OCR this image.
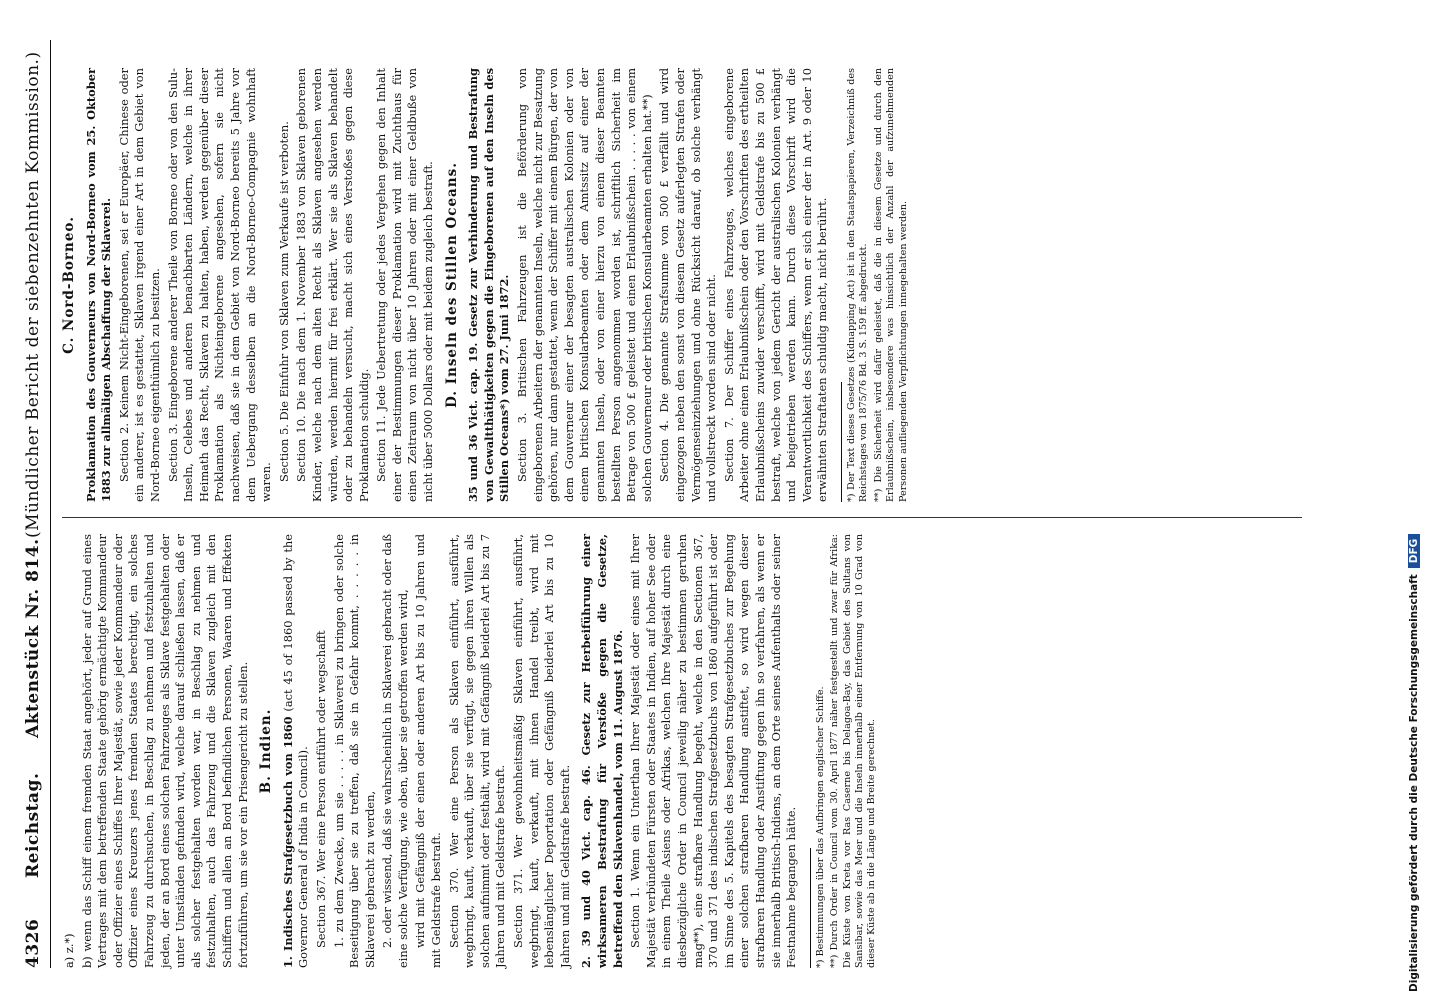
4326
Reichstag.
Aktenstück Nr. 814.
(Mündlicher Bericht der siebenzehnten Kommission.)

a) z.*) b) wenn das Schiff einem fremden Staat angehört, jeder auf Grund eines Vertrages mit dem betreffenden Staate gehörig ermächtigte Kommandeur oder Offizier eines Schiffes Ihrer Majestät, sowie jeder Kommandeur oder Offizier eines Kreuzers jenes fremden Staates berechtigt, ein solches Fahrzeug zu durchsuchen, in Beschlag zu nehmen und festzuhalten und jeden, der an Bord eines solchen Fahrzeuges als Sklave festgehalten oder unter Umständen gefunden wird, welche darauf schließen lassen, daß er als solcher festgehalten worden war, in Beschlag zu nehmen und festzuhalten, auch das Fahrzeug und die Sklaven zugleich mit den Schiffern und allen an Bord befindlichen Personen, Waaren und Effekten fortzuführen, um sie vor ein Prisengericht zu stellen. B. Indien. 1. Indisches Strafgesetzbuch von 1860 (act 45 of 1860 passed by the Governor General of India in Council). Section 367. Wer eine Person entführt oder wegschafft 1. zu dem Zwecke, um sie . . . . . in Sklaverei zu bringen oder solche Beseitigung über sie zu treffen, daß sie in Gefahr kommt, . . . . . in Sklaverei gebracht zu werden, 2. oder wissend, daß sie wahrscheinlich in Sklaverei gebracht oder daß eine solche Verfügung, wie oben, über sie getroffen werden wird, wird mit Gefängniß der einen oder anderen Art bis zu 10 Jahren und mit Geldstrafe bestraft. Section 370. Wer eine Person als Sklaven einführt, ausführt, wegbringt, kauft, verkauft, über sie verfügt, sie gegen ihren Willen als solchen aufnimmt oder festhält, wird mit Gefängniß beiderlei Art bis zu 7 Jahren und mit Geldstrafe bestraft. Section 371. Wer gewohnheitsmäßig Sklaven einführt, ausführt, wegbringt, kauft, verkauft, mit ihnen Handel treibt, wird mit lebenslänglicher Deportation oder Gefängniß beiderlei Art bis zu 10 Jahren und mit Geldstrafe bestraft. 2. 39 und 40 Vict. cap. 46. Gesetz zur Herbeiführung einer wirksameren Bestrafung für Verstöße gegen die Gesetze, betreffend den Sklavenhandel, vom 11. August 1876. Section 1. Wenn ein Unterthan Ihrer Majestät oder eines mit Ihrer Majestät verbündeten Fürsten oder Staates in Indien, auf hoher See oder in einem Theile Asiens oder Afrikas, welchen Ihre Majestät durch eine diesbezügliche Order in Council jeweilig näher zu bestimmen geruhen mag**), eine strafbare Handlung begeht, welche in den Sectionen 367, 370 und 371 des indischen Strafgesetzbuchs von 1860 aufgeführt ist oder im Sinne des 5. Kapitels des besagten Strafgesetzbuches zur Begehung einer solchen strafbaren Handlung anstiftet, so wird wegen dieser strafbaren Handlung oder Anstiftung gegen ihn so verfahren, als wenn er sie innerhalb Britisch-Indiens, an dem Orte seines Aufenthalts oder seiner Festnahme begangen hätte. *) Bestimmungen über das Aufbringen englischer Schiffe. **) Durch Order in Council vom 30. April 1877 näher festgestellt und zwar für Afrika: Die Küste von Kreta vor Ras Caserne bis Delagoa-Bay, das Gebiet des Sultans von Sansibar, sowie das Meer und die Inseln innerhalb einer Entfernung von 10 Grad von dieser Küste ab in die Länge und Breite gerechnet.

C. Nord-Borneo. Proklamation des Gouverneurs von Nord-Borneo vom 25. Oktober 1883 zur allmäligen Abschaffung der Sklaverei. Section 2. Keinem Nicht-Eingeborenen, sei er Europäer, Chinese oder ein anderer, ist es gestattet, Sklaven irgend einer Art in dem Gebiet von Nord-Borneo eigenthümlich zu besitzen. Section 3. Eingeborene anderer Theile von Borneo oder von den Sulu-Inseln, Celebes und anderen benachbarten Ländern, welche in ihrer Heimath das Recht, Sklaven zu halten, haben, werden gegenüber dieser Proklamation als Nichteingeborene angesehen, sofern sie nicht nachweisen, daß sie in dem Gebiet von Nord-Borneo bereits 5 Jahre vor dem Uebergang desselben an die Nord-Borneo-Compagnie wohnhaft waren.

Section 5. Die Einfuhr von Sklaven zum Verkaufe ist verboten. Section 10. Die nach dem 1. November 1883 von Sklaven geborenen Kinder, welche nach dem alten Recht als Sklaven angesehen werden würden, werden hiermit für frei erklärt. Wer sie als Sklaven behandelt oder zu behandeln versucht, macht sich eines Verstoßes gegen diese Proklamation schuldig. Section 11. Jede Uebertretung oder jedes Vergehen gegen den Inhalt einer der Bestimmungen dieser Proklamation wird mit Zuchthaus für einen Zeitraum von nicht über 10 Jahren oder mit einer Geldbuße von nicht über 5000 Dollars oder mit beidem zugleich bestraft. D. Inseln des Stillen Oceans. 35 und 36 Vict. cap. 19. Gesetz zur Verhinderung und Bestrafung von Gewaltthätigkeiten gegen die Eingeborenen auf den Inseln des Stillen Oceans*) vom 27. Juni 1872. Section 3. Britischen Fahrzeugen ist die Beförderung von eingeborenen Arbeitern der genannten Inseln, welche nicht zur Besatzung gehören, nur dann gestattet, wenn der Schiffer mit einem Bürgen, der von dem Gouverneur einer der besagten australischen Kolonien oder von einem britischen Konsularbeamten oder dem Amtssitz auf einer der genannten Inseln, oder von einer hierzu von einem dieser Beamten bestellten Person angenommen worden ist, schriftlich Sicherheit im Betrage von 500 £ geleistet und einen Erlaubnißschein . . . . . von einem solchen Gouverneur oder britischen Konsularbeamten erhalten hat.**) Section 4. Die genannte Strafsumme von 500 £ verfällt und wird eingezogen neben den sonst von diesem Gesetz auferlegten Strafen oder Vermögenseinziehungen und ohne Rücksicht darauf, ob solche verhängt und vollstreckt worden sind oder nicht. Section 7. Der Schiffer eines Fahrzeuges, welches eingeborene Arbeiter ohne einen Erlaubnißschein oder den Vorschriften des ertheilten Erlaubnißscheins zuwider verschifft, wird mit Geldstrafe bis zu 500 £ bestraft, welche von jedem Gericht der australischen Kolonien verhängt und beigetrieben werden kann. Durch diese Vorschrift wird die Verantwortlichkeit des Schiffers, wenn er sich einer der in Art. 9 oder 10 erwähnten Straftaten schuldig macht, nicht berührt. *) Der Text dieses Gesetzes (Kidnapping Act) ist in den Staatspapieren, Verzeichniß des Reichstages von 1875/76 Bd. 3 S. 159 ff. abgedruckt. **) Die Sicherheit wird dafür geleistet, daß die in diesem Gesetze und durch den Erlaubnißschein, insbesondere was hinsichtlich der Anzahl der aufzunehmenden Personen aufliegenden Verpflichtungen innegehalten werden.

Digitalisierung gefördert durch die Deutsche ForschungsgemeinschaftDFG
